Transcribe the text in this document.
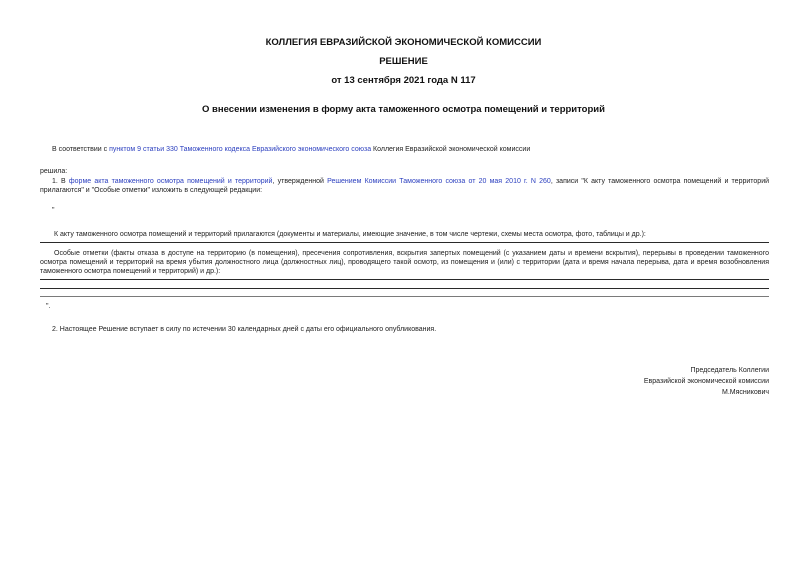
КОЛЛЕГИЯ ЕВРАЗИЙСКОЙ ЭКОНОМИЧЕСКОЙ КОМИССИИ
РЕШЕНИЕ
от 13 сентября 2021 года N 117
О внесении изменения в форму акта таможенного осмотра помещений и территорий
В соответствии с пунктом 9 статьи 330 Таможенного кодекса Евразийского экономического союза Коллегия Евразийской экономической комиссии
решила:
1. В форме акта таможенного осмотра помещений и территорий, утвержденной Решением Комиссии Таможенного союза от 20 мая 2010 г. N 260, записи "К акту таможенного осмотра помещений и территорий прилагаются" и "Особые отметки" изложить в следующей редакции:
"
К акту таможенного осмотра помещений и территорий прилагаются (документы и материалы, имеющие значение, в том числе чертежи, схемы места осмотра, фото, таблицы и др.):
Особые отметки (факты отказа в доступе на территорию (в помещения), пресечения сопротивления, вскрытия запертых помещений (с указанием даты и времени вскрытия), перерывы в проведении таможенного осмотра помещений и территорий на время убытия должностного лица (должностных лиц), проводящего такой осмотр, из помещения и (или) с территории (дата и время начала перерыва, дата и время возобновления таможенного осмотра помещений и территорий) и др.):
".
2. Настоящее Решение вступает в силу по истечении 30 календарных дней с даты его официального опубликования.
Председатель Коллегии
Евразийской экономической комиссии
М.Мясникович
